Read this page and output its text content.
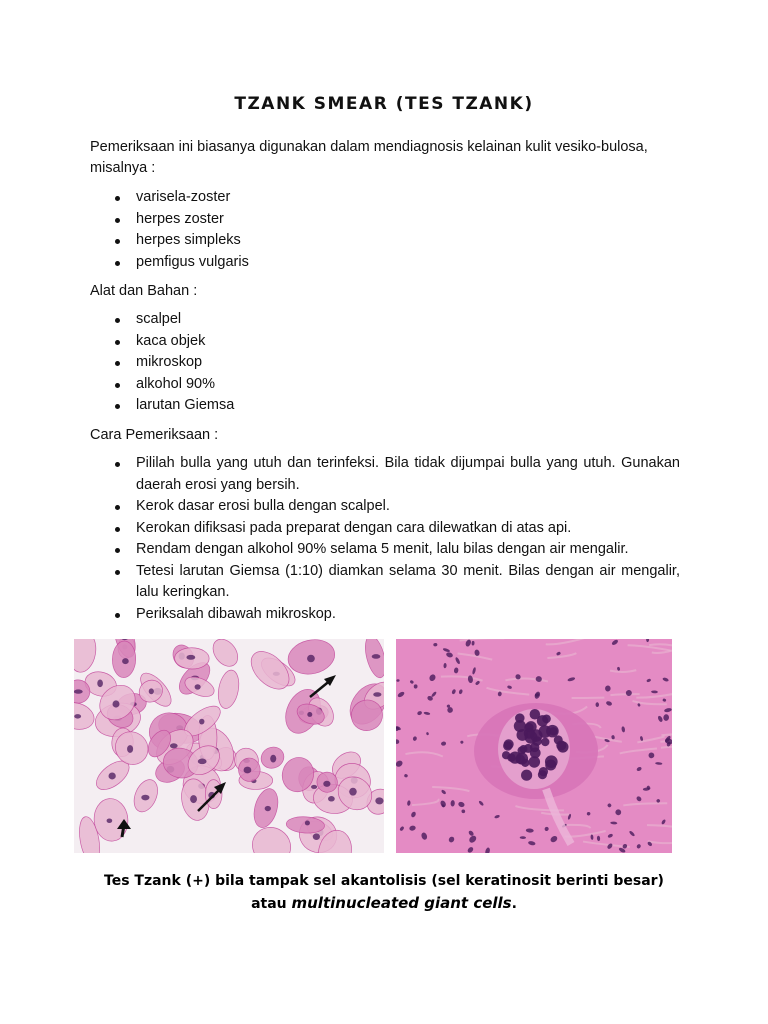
TZANK SMEAR (TES TZANK)
Pemeriksaan ini biasanya digunakan dalam mendiagnosis kelainan kulit vesiko-bulosa, misalnya :
varisela-zoster
herpes zoster
herpes simpleks
pemfigus vulgaris
Alat dan Bahan :
scalpel
kaca objek
mikroskop
alkohol 90%
larutan Giemsa
Cara Pemeriksaan :
Pililah bulla yang utuh dan terinfeksi. Bila tidak dijumpai bulla yang utuh. Gunakan daerah erosi yang bersih.
Kerok dasar erosi bulla dengan scalpel.
Kerokan difiksasi pada preparat dengan cara dilewatkan di atas api.
Rendam dengan alkohol 90% selama 5 menit, lalu bilas dengan air mengalir.
Tetesi larutan Giemsa (1:10) diamkan selama 30 menit. Bilas dengan air mengalir, lalu keringkan.
Periksalah dibawah mikroskop.
Tes Tzank (+) bila tampak sel akantolisis (sel keratinosit berinti besar)
atau multinucleated giant cells.
